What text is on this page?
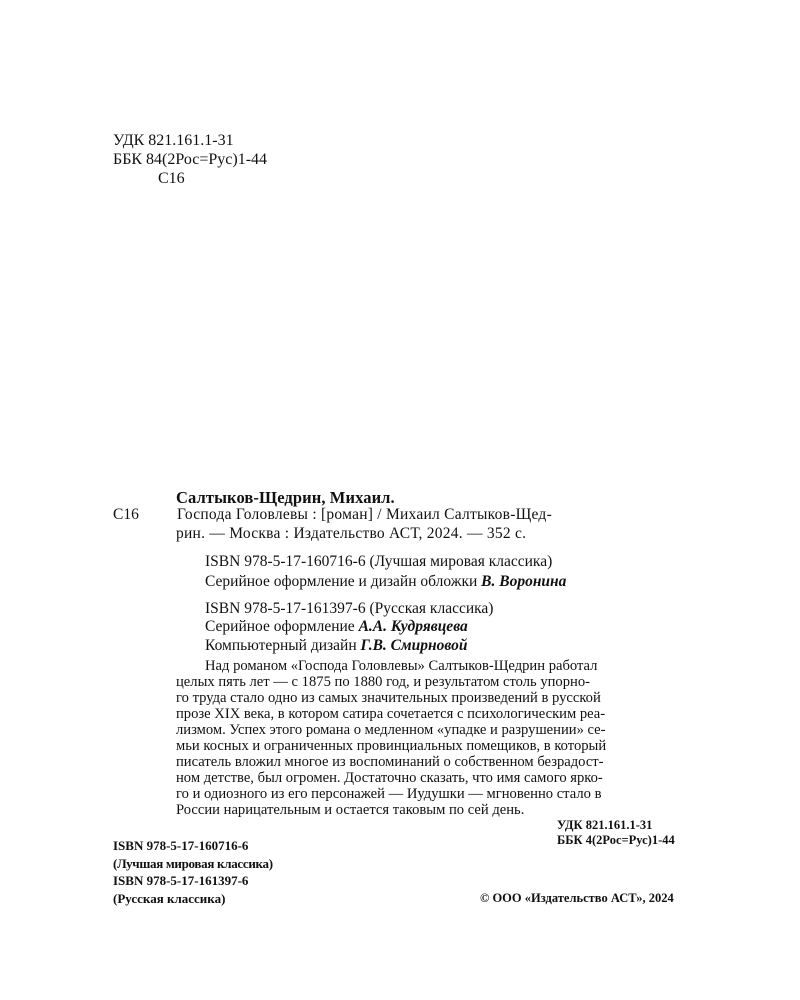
УДК 821.161.1-31
ББК 84(2Рос=Рус)1-44
С16
Салтыков-Щедрин, Михаил.
С16 Господа Головлевы : [роман] / Михаил Салтыков-Щед-
рин. — Москва : Издательство АСТ, 2024. — 352 с.
ISBN 978-5-17-160716-6 (Лучшая мировая классика)
Серийное оформление и дизайн обложки В. Воронина
ISBN 978-5-17-161397-6 (Русская классика)
Серийное оформление А.А. Кудрявцева
Компьютерный дизайн Г.В. Смирновой
Над романом «Господа Головлевы» Салтыков-Щедрин работал
целых пять лет — с 1875 по 1880 год, и результатом столь упорно-
го труда стало одно из самых значительных произведений в русской
прозе XIX века, в котором сатира сочетается с психологическим реа-
лизмом. Успех этого романа о медленном «упадке и разрушении» се-
мьи косных и ограниченных провинциальных помещиков, в который
писатель вложил многое из воспоминаний о собственном безрадост-
ном детстве, был огромен. Достаточно сказать, что имя самого ярко-
го и одиозного из его персонажей — Иудушки — мгновенно стало в
России нарицательным и остается таковым по сей день.
УДК 821.161.1-31
ББК 4(2Рос=Рус)1-44
ISBN 978-5-17-160716-6
(Лучшая мировая классика)
ISBN 978-5-17-161397-6
(Русская классика)	© ООО «Издательство АСТ», 2024
